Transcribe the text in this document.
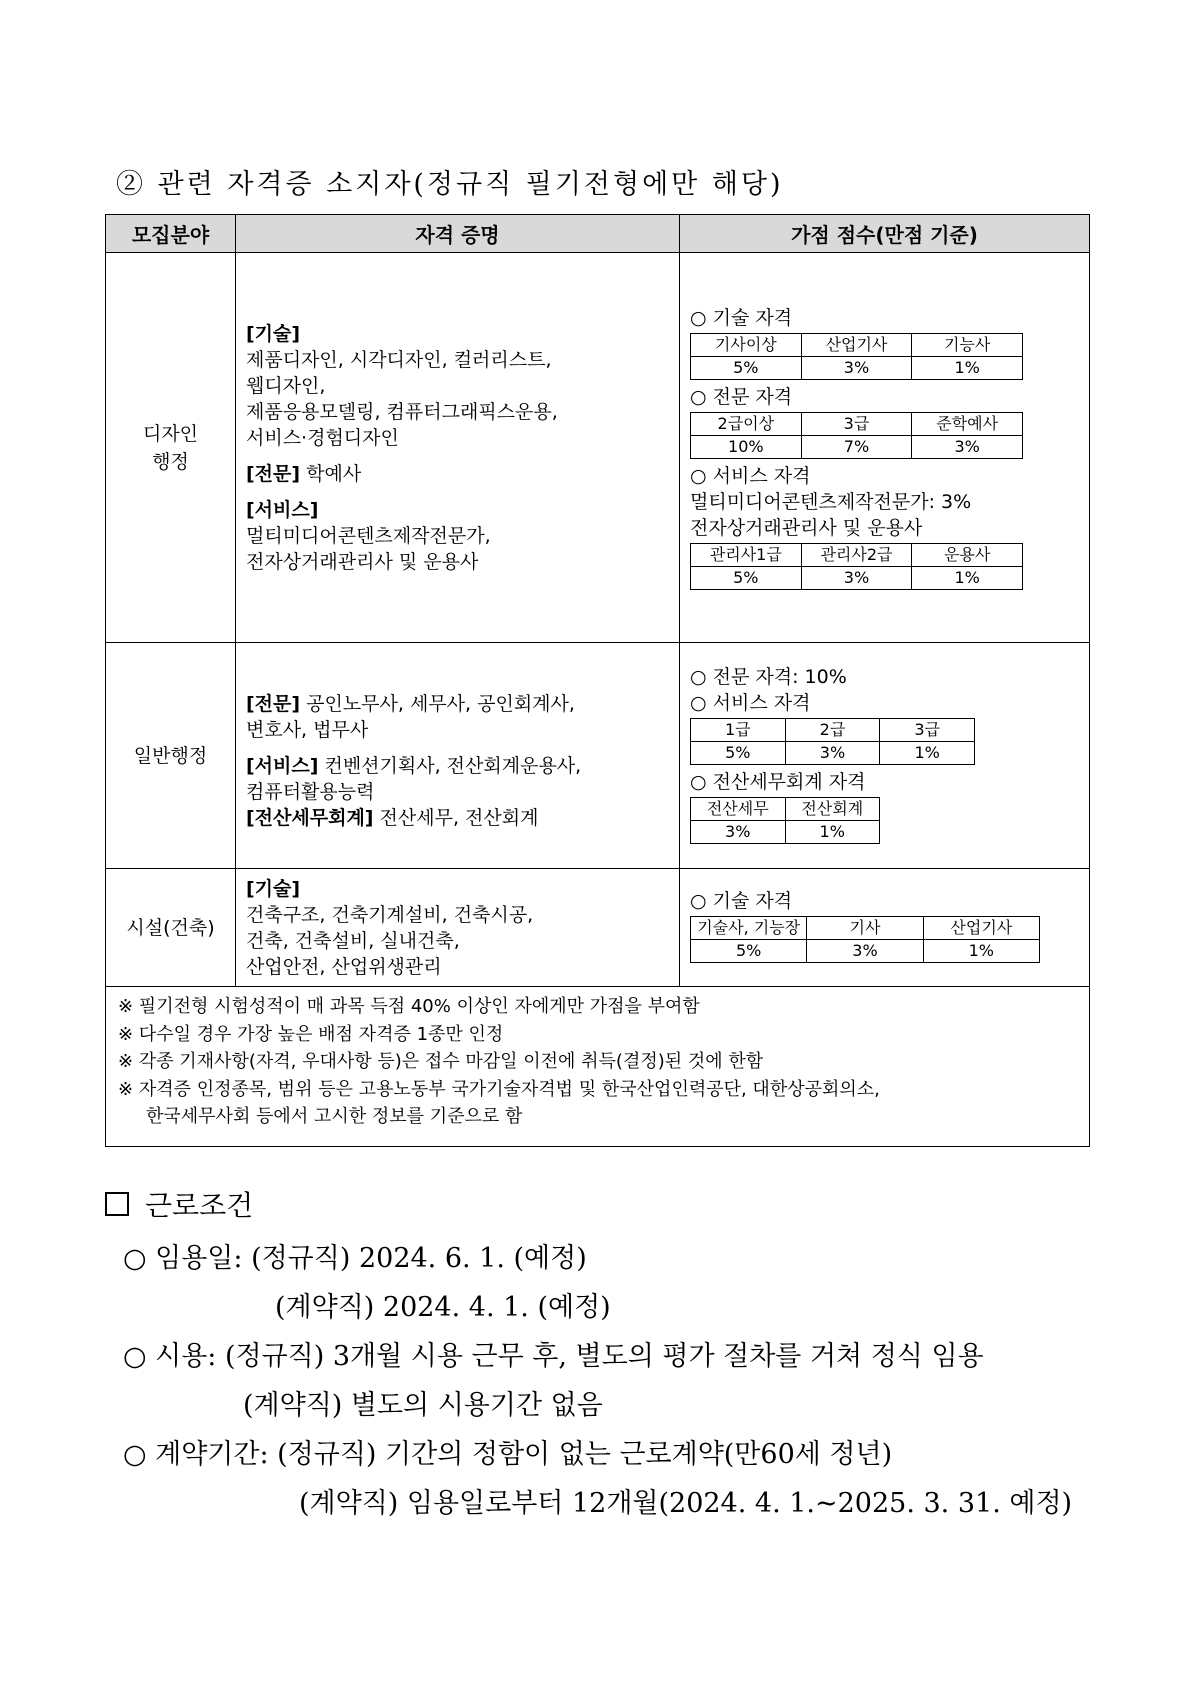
② 관련 자격증 소지자(정규직 필기전형에만 해당)
모집분야	자격 증명	가점 점수(만점 기준)

디자인
행정

[기술]
제품디자인, 시각디자인, 컬러리스트,
웹디자인,
제품응용모델링, 컴퓨터그래픽스운용,
서비스·경험디자인
[전문] 학예사
[서비스]
멀티미디어콘텐츠제작전문가,
전자상거래관리사 및 운용사

○ 기술 자격
기사이상	산업기사	기능사
5%	3%	1%
○ 전문 자격
2급이상	3급	준학예사
10%	7%	3%
○ 서비스 자격
멀티미디어콘텐츠제작전문가: 3%
전자상거래관리사 및 운용사
관리사1급	관리사2급	운용사
5%	3%	1%

일반행정

[전문] 공인노무사, 세무사, 공인회계사,
변호사, 법무사
[서비스] 컨벤션기획사, 전산회계운용사,
컴퓨터활용능력
[전산세무회계] 전산세무, 전산회계

○ 전문 자격: 10%
○ 서비스 자격
1급	2급	3급
5%	3%	1%
○ 전산세무회계 자격
전산세무	전산회계
3%	1%

시설(건축)

[기술]
건축구조, 건축기계설비, 건축시공,
건축, 건축설비, 실내건축,
산업안전, 산업위생관리

○ 기술 자격
기술사, 기능장	기사	산업기사
5%	3%	1%

※ 필기전형 시험성적이 매 과목 득점 40% 이상인 자에게만 가점을 부여함
※ 다수일 경우 가장 높은 배점 자격증 1종만 인정
※ 각종 기재사항(자격, 우대사항 등)은 접수 마감일 이전에 취득(결정)된 것에 한함
※ 자격증 인정종목, 범위 등은 고용노동부 국가기술자격법 및 한국산업인력공단, 대한상공회의소,
한국세무사회 등에서 고시한 정보를 기준으로 함
근로조건
○ 임용일: (정규직) 2024. 6. 1. (예정)
(계약직) 2024. 4. 1. (예정)
○ 시용: (정규직) 3개월 시용 근무 후, 별도의 평가 절차를 거쳐 정식 임용
(계약직) 별도의 시용기간 없음
○ 계약기간: (정규직) 기간의 정함이 없는 근로계약(만60세 정년)
(계약직) 임용일로부터 12개월(2024. 4. 1.~2025. 3. 31. 예정)
